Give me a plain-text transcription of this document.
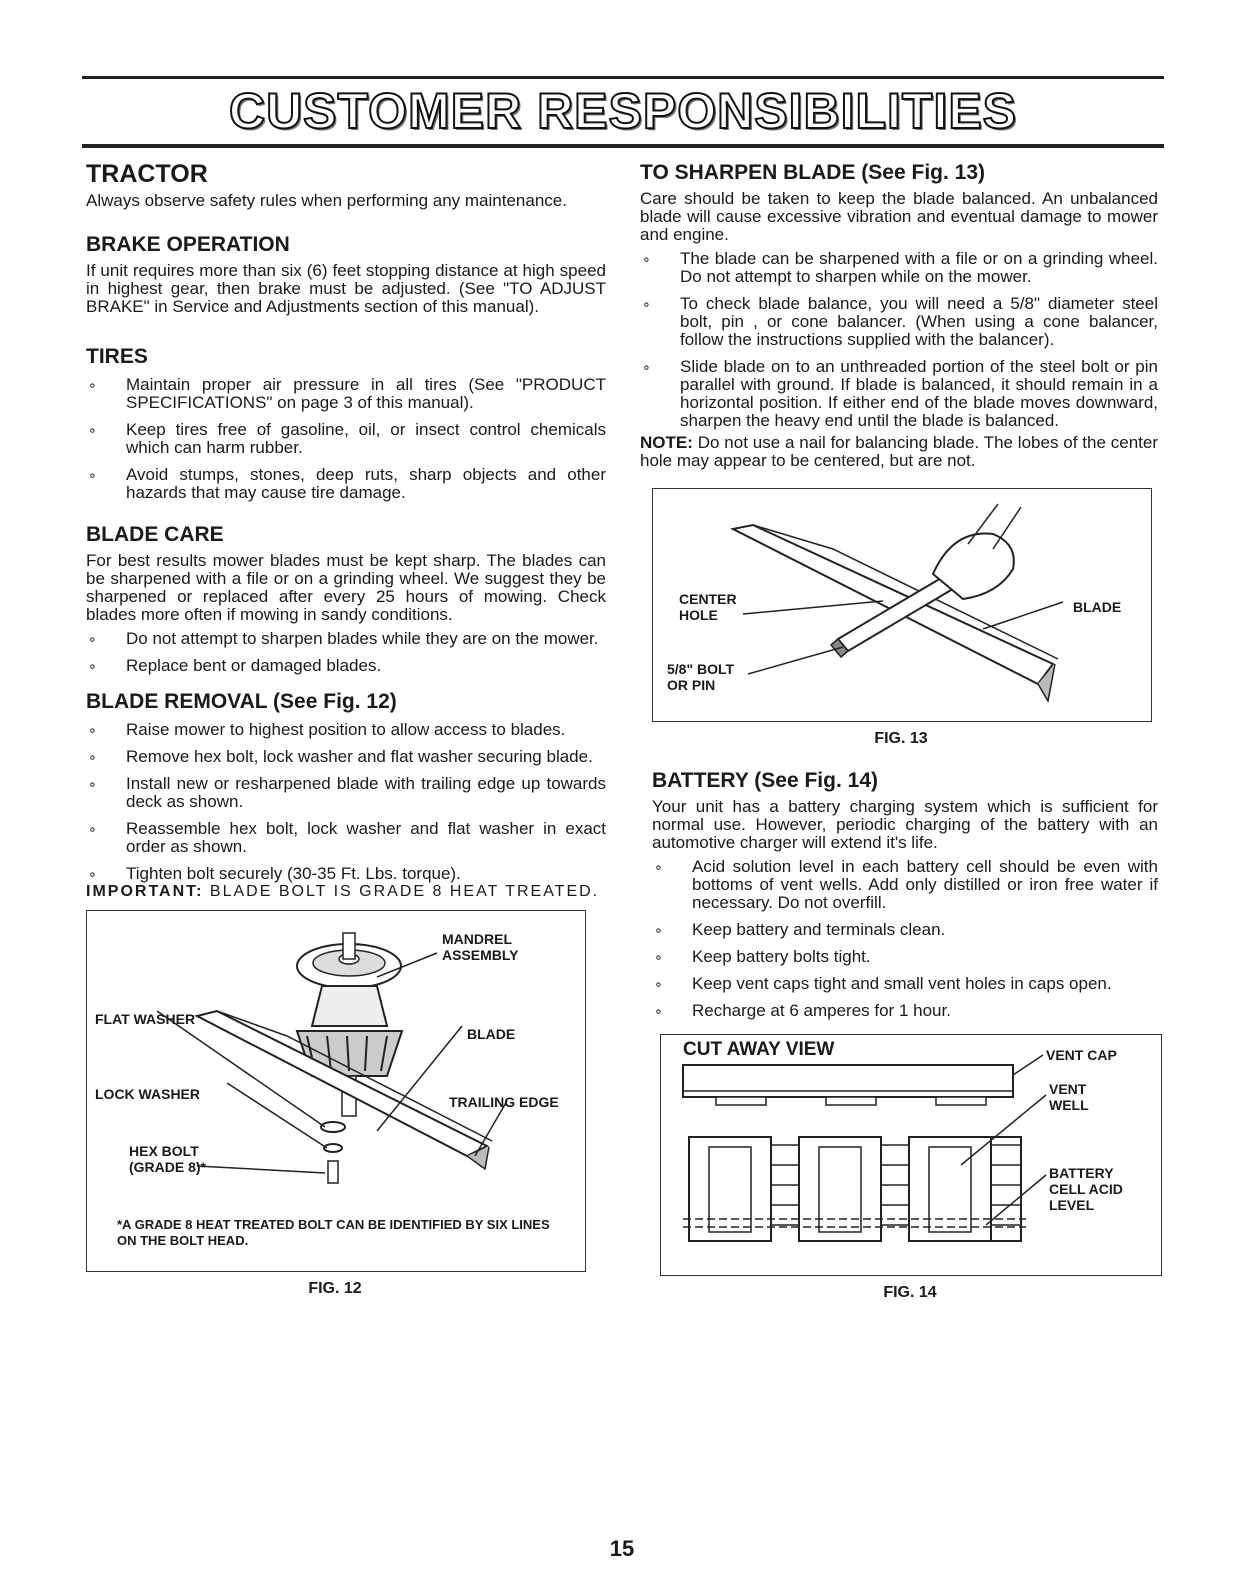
CUSTOMER RESPONSIBILITIES
TRACTOR

Always observe safety rules when performing any maintenance.

BRAKE OPERATION

If unit requires more than six (6) feet stopping distance at high speed in highest gear, then brake must be adjusted. (See "TO ADJUST BRAKE" in Service and Adjustments section of this manual).

TIRES
∘ Maintain proper air pressure in all tires (See "PRODUCT SPECIFICATIONS" on page 3 of this manual).
∘ Keep tires free of gasoline, oil, or insect control chemicals which can harm rubber.
∘ Avoid stumps, stones, deep ruts, sharp objects and other hazards that may cause tire damage.
BLADE CARE

For best results mower blades must be kept sharp. The blades can be sharpened with a file or on a grinding wheel. We suggest they be sharpened or replaced after every 25 hours of mowing. Check blades more often if mowing in sandy conditions.

∘ Do not attempt to sharpen blades while they are on the mower.
∘ Replace bent or damaged blades.
BLADE REMOVAL (See Fig. 12)
∘ Raise mower to highest position to allow access to blades.
∘ Remove hex bolt, lock washer and flat washer securing blade.
∘ Install new or resharpened blade with trailing edge up towards deck as shown.
∘ Reassemble hex bolt, lock washer and flat washer in exact order as shown.
∘ Tighten bolt securely (30-35 Ft. Lbs. torque).

IMPORTANT: BLADE BOLT IS GRADE 8 HEAT TREATED.

MANDREL
ASSEMBLY
FLAT WASHER
BLADE
LOCK WASHER	TRAILING EDGE
HEX BOLT
(GRADE 8)*
*A GRADE 8 HEAT TREATED BOLT CAN BE IDENTIFIED BY SIX LINES ON THE BOLT HEAD.
FIG. 12
TO SHARPEN BLADE (See Fig. 13)

Care should be taken to keep the blade balanced. An unbalanced blade will cause excessive vibration and eventual damage to mower and engine.

∘ The blade can be sharpened with a file or on a grinding wheel. Do not attempt to sharpen while on the mower.
∘ To check blade balance, you will need a 5/8" diameter steel bolt, pin , or cone balancer. (When using a cone balancer, follow the instructions supplied with the balancer).
∘ Slide blade on to an unthreaded portion of the steel bolt or pin parallel with ground. If blade is balanced, it should remain in a horizontal position. If either end of the blade moves downward, sharpen the heavy end until the blade is balanced.

NOTE: Do not use a nail for balancing blade. The lobes of the center hole may appear to be centered, but are not.

CENTER
HOLE	BLADE
5/8" BOLT
OR PIN
FIG. 13
BATTERY (See Fig. 14)

Your unit has a battery charging system which is sufficient for normal use. However, periodic charging of the battery with an automotive charger will extend it's life.

∘ Acid solution level in each battery cell should be even with bottoms of vent wells. Add only distilled or iron free water if necessary. Do not overfill.
∘ Keep battery and terminals clean.
∘ Keep battery bolts tight.
∘ Keep vent caps tight and small vent holes in caps open.
∘ Recharge at 6 amperes for 1 hour.
CUT AWAY VIEW	VENT CAP
VENT
WELL
BATTERY
CELL ACID
LEVEL
FIG. 14
15
